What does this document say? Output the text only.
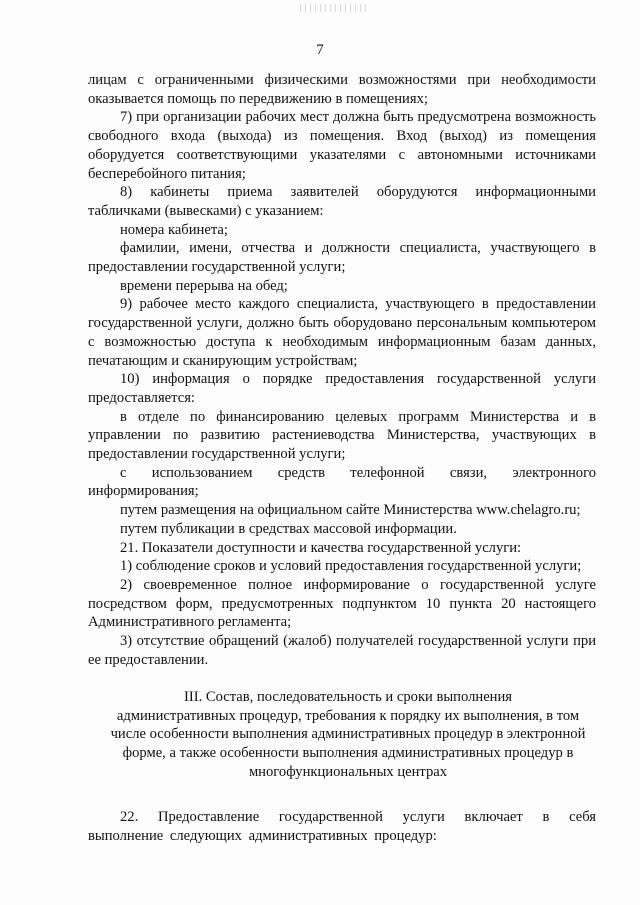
7

лицам с ограниченными физическими возможностями при необходимости оказывается помощь по передвижению в помещениях;

7) при организации рабочих мест должна быть предусмотрена возможность свободного входа (выхода) из помещения. Вход (выход) из помещения оборудуется соответствующими указателями с автономными источниками бесперебойного питания;

8) кабинеты приема заявителей оборудуются информационными табличками (вывесками) с указанием:

номера кабинета;

фамилии, имени, отчества и должности специалиста, участвующего в предоставлении государственной услуги;

времени перерыва на обед;

9) рабочее место каждого специалиста, участвующего в предоставлении государственной услуги, должно быть оборудовано персональным компьютером с возможностью доступа к необходимым информационным базам данных, печатающим и сканирующим устройствам;

10) информация о порядке предоставления государственной услуги предоставляется:

в отделе по финансированию целевых программ Министерства и в управлении по развитию растениеводства Министерства, участвующих в предоставлении государственной услуги;

с использованием средств телефонной связи, электронного информирования;

путем размещения на официальном сайте Министерства www.chelagro.ru;

путем публикации в средствах массовой информации.

21. Показатели доступности и качества государственной услуги:

1) соблюдение сроков и условий предоставления государственной услуги;

2) своевременное полное информирование о государственной услуге посредством форм, предусмотренных подпунктом 10 пункта 20 настоящего Административного регламента;

3) отсутствие обращений (жалоб) получателей государственной услуги при ее предоставлении.

III. Состав, последовательность и сроки выполнения
административных процедур, требования к порядку их выполнения, в том
числе особенности выполнения административных процедур в электронной
форме, а также особенности выполнения административных процедур в
многофункциональных центрах

22. Предоставление государственной услуги включает в себя выполнение следующих административных процедур:
